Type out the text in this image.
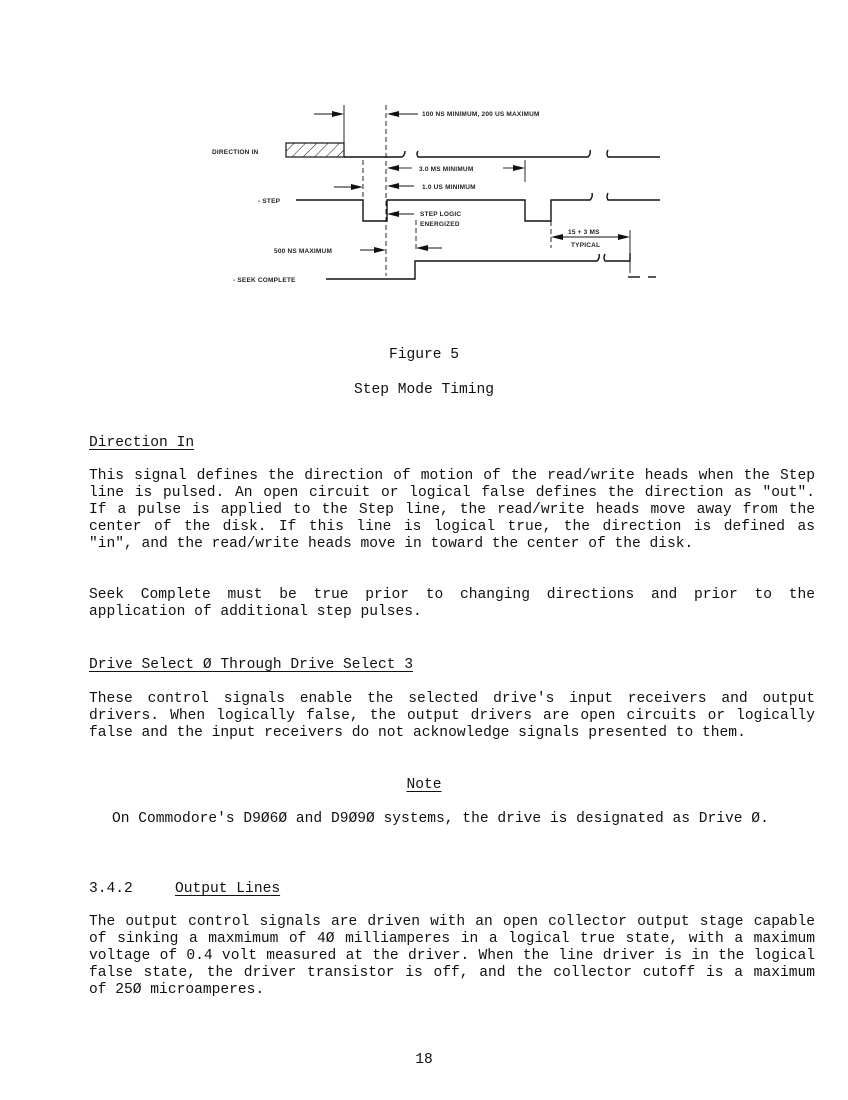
DIRECTION IN
- STEP
- SEEK COMPLETE
100 NS MINIMUM, 200 US MAXIMUM
3.0 MS MINIMUM
1.0 US MINIMUM
STEP LOGIC
ENERGIZED
500 NS MAXIMUM
15 + 3 MS
TYPICAL
Figure 5
Step Mode Timing
Direction In

This signal defines the direction of motion of the read/write heads when the Step line is pulsed. An open circuit or logical false defines the direction as "out". If a pulse is applied to the Step line, the read/write heads move away from the center of the disk. If this line is logical true, the direction is defined as "in", and the read/write heads move in toward the center of the disk.

Seek Complete must be true prior to changing directions and prior to the application of additional step pulses.

Drive Select Ø Through Drive Select 3

These control signals enable the selected drive's input receivers and output drivers. When logically false, the output drivers are open circuits or logically false and the input receivers do not acknowledge signals presented to them.

Note

On Commodore's D9Ø6Ø and D9Ø9Ø systems, the drive is designated as Drive Ø.

3.4.2	Output Lines

The output control signals are driven with an open collector output stage capable of sinking a maxmimum of 4Ø milliamperes in a logical true state, with a maximum voltage of 0.4 volt measured at the driver. When the line driver is in the logical false state, the driver transistor is off, and the collector cutoff is a maximum of 25Ø microamperes.

18
